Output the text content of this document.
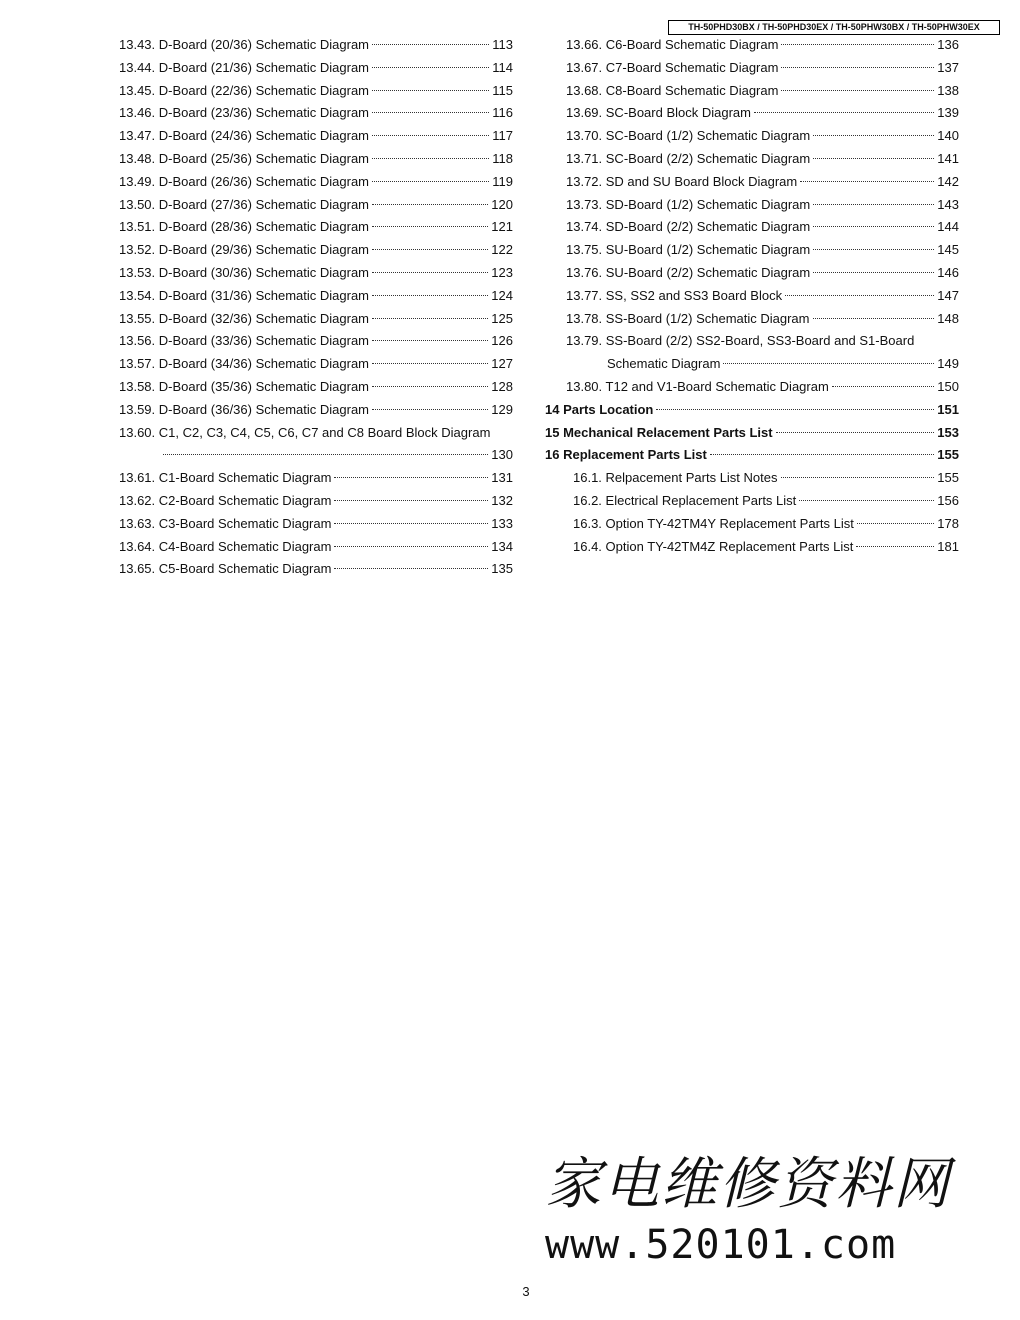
TH-50PHD30BX / TH-50PHD30EX / TH-50PHW30BX / TH-50PHW30EX
13.43. D-Board (20/36) Schematic Diagram	113
13.44. D-Board (21/36) Schematic Diagram	114
13.45. D-Board (22/36) Schematic Diagram	115
13.46. D-Board (23/36) Schematic Diagram	116
13.47. D-Board (24/36) Schematic Diagram	117
13.48. D-Board (25/36) Schematic Diagram	118
13.49. D-Board (26/36) Schematic Diagram	119
13.50. D-Board (27/36) Schematic Diagram	120
13.51. D-Board (28/36) Schematic Diagram	121
13.52. D-Board (29/36) Schematic Diagram	122
13.53. D-Board (30/36) Schematic Diagram	123
13.54. D-Board (31/36) Schematic Diagram	124
13.55. D-Board (32/36) Schematic Diagram	125
13.56. D-Board (33/36) Schematic Diagram	126
13.57. D-Board (34/36) Schematic Diagram	127
13.58. D-Board (35/36) Schematic Diagram	128
13.59. D-Board (36/36) Schematic Diagram	129
13.60. C1, C2, C3, C4, C5, C6, C7 and C8 Board Block Diagram
130
13.61. C1-Board Schematic Diagram	131
13.62. C2-Board Schematic Diagram	132
13.63. C3-Board Schematic Diagram	133
13.64. C4-Board Schematic Diagram	134
13.65. C5-Board Schematic Diagram	135
13.66. C6-Board Schematic Diagram	136
13.67. C7-Board Schematic Diagram	137
13.68. C8-Board Schematic Diagram	138
13.69. SC-Board Block Diagram	139
13.70. SC-Board (1/2) Schematic Diagram	140
13.71. SC-Board (2/2) Schematic Diagram	141
13.72. SD and SU Board Block Diagram	142
13.73. SD-Board (1/2) Schematic Diagram	143
13.74. SD-Board (2/2) Schematic Diagram	144
13.75. SU-Board (1/2) Schematic Diagram	145
13.76. SU-Board (2/2) Schematic Diagram	146
13.77. SS, SS2 and SS3 Board Block	147
13.78. SS-Board (1/2) Schematic Diagram	148
13.79. SS-Board (2/2) SS2-Board, SS3-Board and S1-Board
Schematic Diagram	149
13.80. T12 and V1-Board Schematic Diagram	150
14 Parts Location	151
15 Mechanical Relacement Parts List	153
16 Replacement Parts List	155
16.1. Relpacement Parts List Notes	155
16.2. Electrical Replacement Parts List	156
16.3. Option TY-42TM4Y Replacement Parts List	178
16.4. Option TY-42TM4Z Replacement Parts List	181
家电维修资料网
www.520101.com
3
